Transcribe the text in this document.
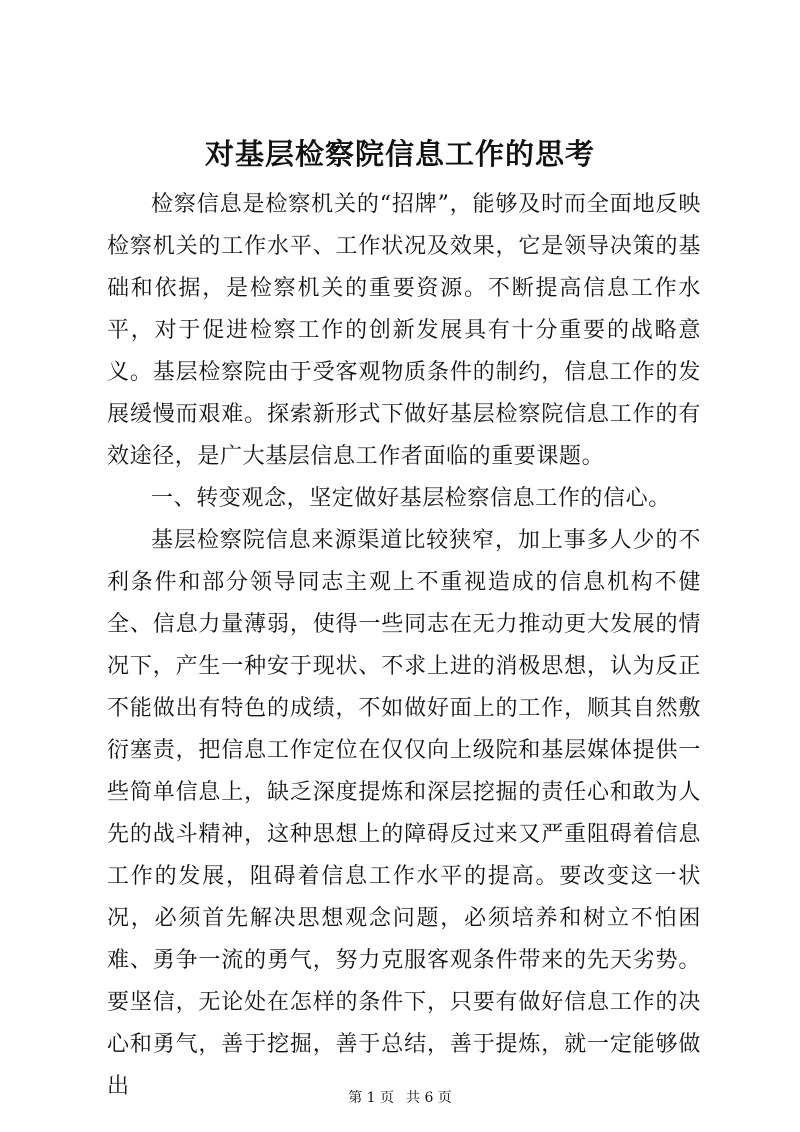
对基层检察院信息工作的思考

检察信息是检察机关的“招牌”，能够及时而全面地反映检察机关的工作水平、工作状况及效果，它是领导决策的基础和依据，是检察机关的重要资源。不断提高信息工作水平，对于促进检察工作的创新发展具有十分重要的战略意义。基层检察院由于受客观物质条件的制约，信息工作的发展缓慢而艰难。探索新形式下做好基层检察院信息工作的有效途径，是广大基层信息工作者面临的重要课题。

一、转变观念，坚定做好基层检察信息工作的信心。

基层检察院信息来源渠道比较狭窄，加上事多人少的不利条件和部分领导同志主观上不重视造成的信息机构不健全、信息力量薄弱，使得一些同志在无力推动更大发展的情况下，产生一种安于现状、不求上进的消极思想，认为反正不能做出有特色的成绩，不如做好面上的工作，顺其自然敷衍塞责，把信息工作定位在仅仅向上级院和基层媒体提供一些简单信息上，缺乏深度提炼和深层挖掘的责任心和敢为人先的战斗精神，这种思想上的障碍反过来又严重阻碍着信息工作的发展，阻碍着信息工作水平的提高。要改变这一状况，必须首先解决思想观念问题，必须培养和树立不怕困难、勇争一流的勇气，努力克服客观条件带来的先天劣势。要坚信，无论处在怎样的条件下，只要有做好信息工作的决心和勇气，善于挖掘，善于总结，善于提炼，就一定能够做出	第 1 页 共 6 页
